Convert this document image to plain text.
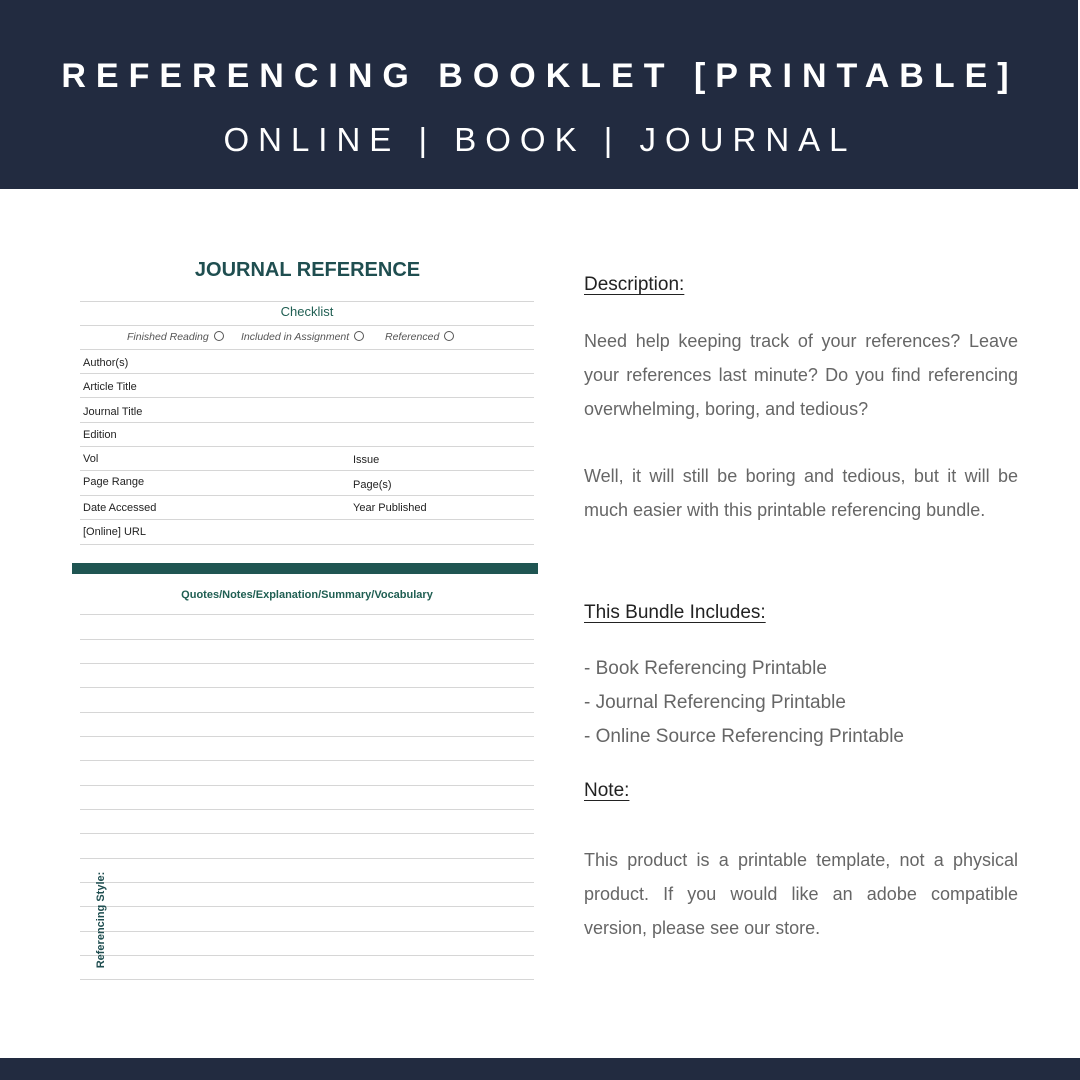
REFERENCING BOOKLET [PRINTABLE]
ONLINE | BOOK | JOURNAL
JOURNAL REFERENCE
Checklist
Finished Reading	Included in Assignment	Referenced
Author(s)
Article Title
Journal Title
Edition
Vol	Issue
Page Range	Page(s)
Date Accessed	Year Published
[Online] URL
Quotes/Notes/Explanation/Summary/Vocabulary
Referencing Style:
Description:
Need help keeping track of your references? Leave your references last minute? Do you find referencing overwhelming, boring, and tedious?
Well, it will still be boring and tedious, but it will be much easier with this printable referencing bundle.
This Bundle Includes:
- Book Referencing Printable
- Journal Referencing Printable
- Online Source Referencing Printable
Note:
This product is a printable template, not a physical product. If you would like an adobe compatible version, please see our store.
